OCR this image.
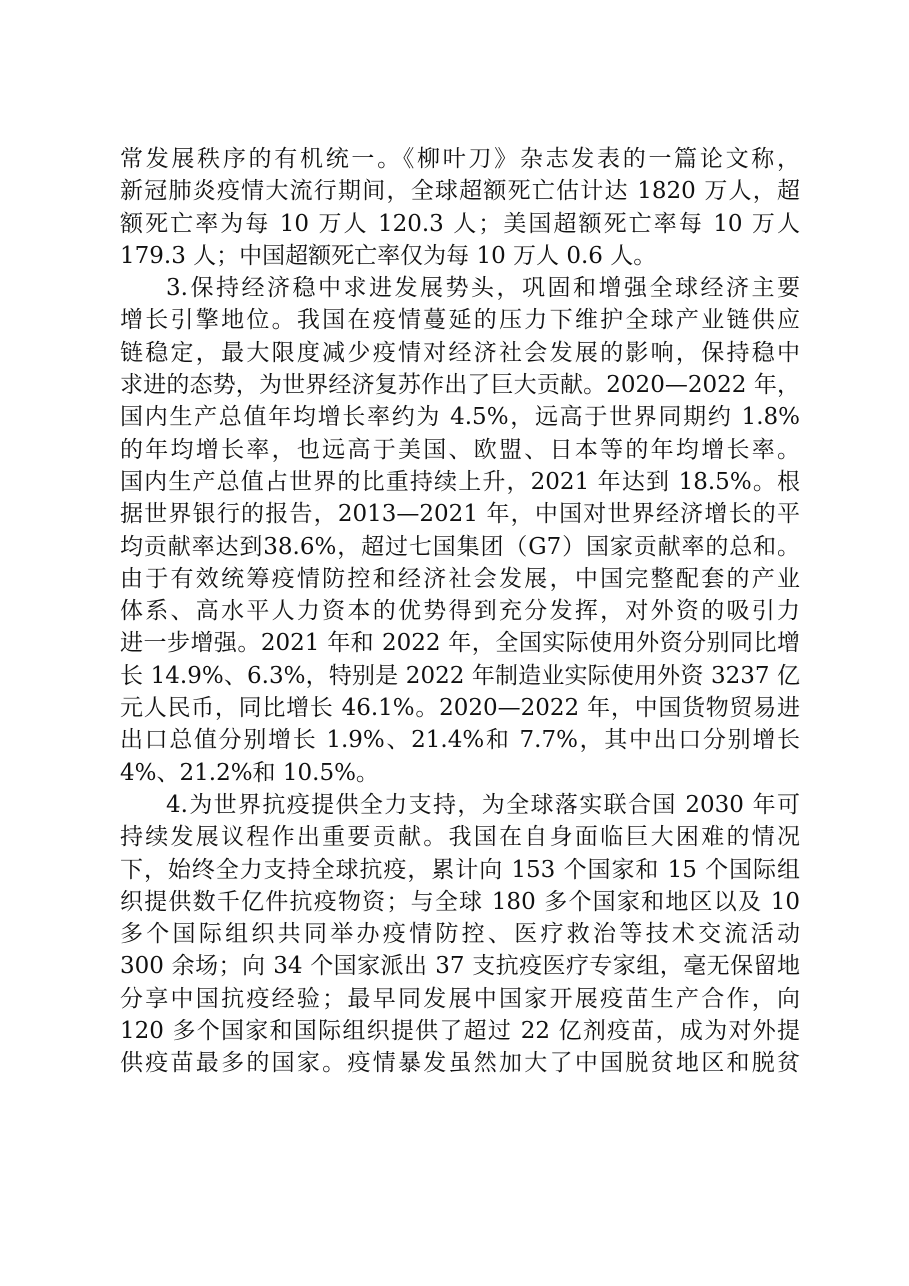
常发展秩序的有机统一。《柳叶刀》杂志发表的一篇论文称，
新冠肺炎疫情大流行期间，全球超额死亡估计达 1820 万人，超
额死亡率为每 10 万人 120.3 人；美国超额死亡率每 10 万人
179.3 人；中国超额死亡率仅为每 10 万人 0.6 人。
3.保持经济稳中求进发展势头，巩固和增强全球经济主要
增长引擎地位。我国在疫情蔓延的压力下维护全球产业链供应
链稳定，最大限度减少疫情对经济社会发展的影响，保持稳中
求进的态势，为世界经济复苏作出了巨大贡献。2020—2022 年，
国内生产总值年均增长率约为 4.5%，远高于世界同期约 1.8%
的年均增长率，也远高于美国、欧盟、日本等的年均增长率。
国内生产总值占世界的比重持续上升，2021 年达到 18.5%。根
据世界银行的报告，2013—2021 年，中国对世界经济增长的平
均贡献率达到38.6%，超过七国集团（G7）国家贡献率的总和。
由于有效统筹疫情防控和经济社会发展，中国完整配套的产业
体系、高水平人力资本的优势得到充分发挥，对外资的吸引力
进一步增强。2021 年和 2022 年，全国实际使用外资分别同比增
长 14.9%、6.3%，特别是 2022 年制造业实际使用外资 3237 亿
元人民币，同比增长 46.1%。2020—2022 年，中国货物贸易进
出口总值分别增长 1.9%、21.4%和 7.7%，其中出口分别增长
4%、21.2%和 10.5%。
4.为世界抗疫提供全力支持，为全球落实联合国 2030 年可
持续发展议程作出重要贡献。我国在自身面临巨大困难的情况
下，始终全力支持全球抗疫，累计向 153 个国家和 15 个国际组
织提供数千亿件抗疫物资；与全球 180 多个国家和地区以及 10
多个国际组织共同举办疫情防控、医疗救治等技术交流活动
300 余场；向 34 个国家派出 37 支抗疫医疗专家组，毫无保留地
分享中国抗疫经验；最早同发展中国家开展疫苗生产合作，向
120 多个国家和国际组织提供了超过 22 亿剂疫苗，成为对外提
供疫苗最多的国家。疫情暴发虽然加大了中国脱贫地区和脱贫
